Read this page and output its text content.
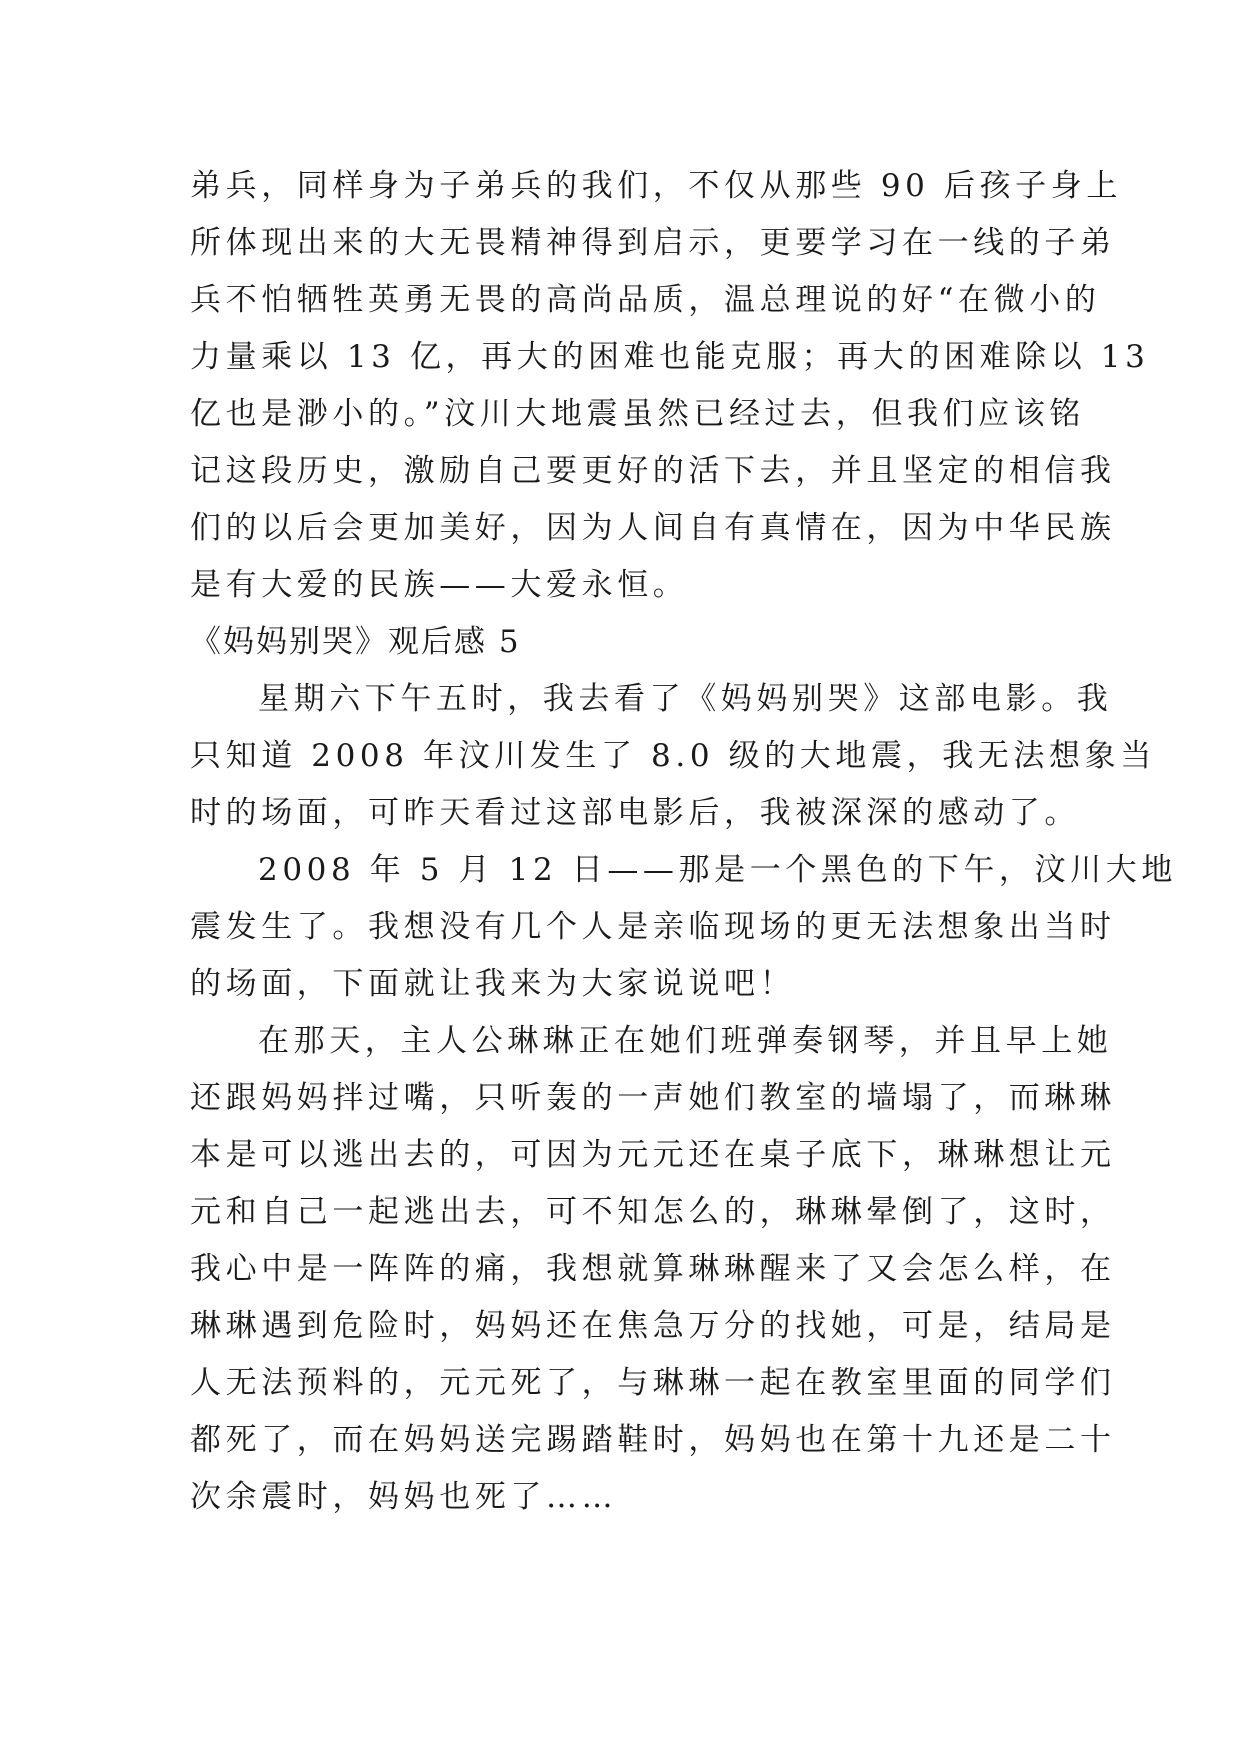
弟兵，同样身为子弟兵的我们，不仅从那些 90 后孩子身上
所体现出来的大无畏精神得到启示，更要学习在一线的子弟
兵不怕牺牲英勇无畏的高尚品质，温总理说的好“在微小的
力量乘以 13 亿，再大的困难也能克服；再大的困难除以 13
亿也是渺小的。”汶川大地震虽然已经过去，但我们应该铭
记这段历史，激励自己要更好的活下去，并且坚定的相信我
们的以后会更加美好，因为人间自有真情在，因为中华民族
是有大爱的民族——大爱永恒。
《妈妈别哭》观后感 5
星期六下午五时，我去看了《妈妈别哭》这部电影。我
只知道 2008 年汶川发生了 8.0 级的大地震，我无法想象当
时的场面，可昨天看过这部电影后，我被深深的感动了。
2008 年 5 月 12 日——那是一个黑色的下午，汶川大地
震发生了。我想没有几个人是亲临现场的更无法想象出当时
的场面，下面就让我来为大家说说吧！
在那天，主人公琳琳正在她们班弹奏钢琴，并且早上她
还跟妈妈拌过嘴，只听轰的一声她们教室的墙塌了，而琳琳
本是可以逃出去的，可因为元元还在桌子底下，琳琳想让元
元和自己一起逃出去，可不知怎么的，琳琳晕倒了，这时，
我心中是一阵阵的痛，我想就算琳琳醒来了又会怎么样，在
琳琳遇到危险时，妈妈还在焦急万分的找她，可是，结局是
人无法预料的，元元死了，与琳琳一起在教室里面的同学们
都死了，而在妈妈送完踢踏鞋时，妈妈也在第十九还是二十
次余震时，妈妈也死了……
